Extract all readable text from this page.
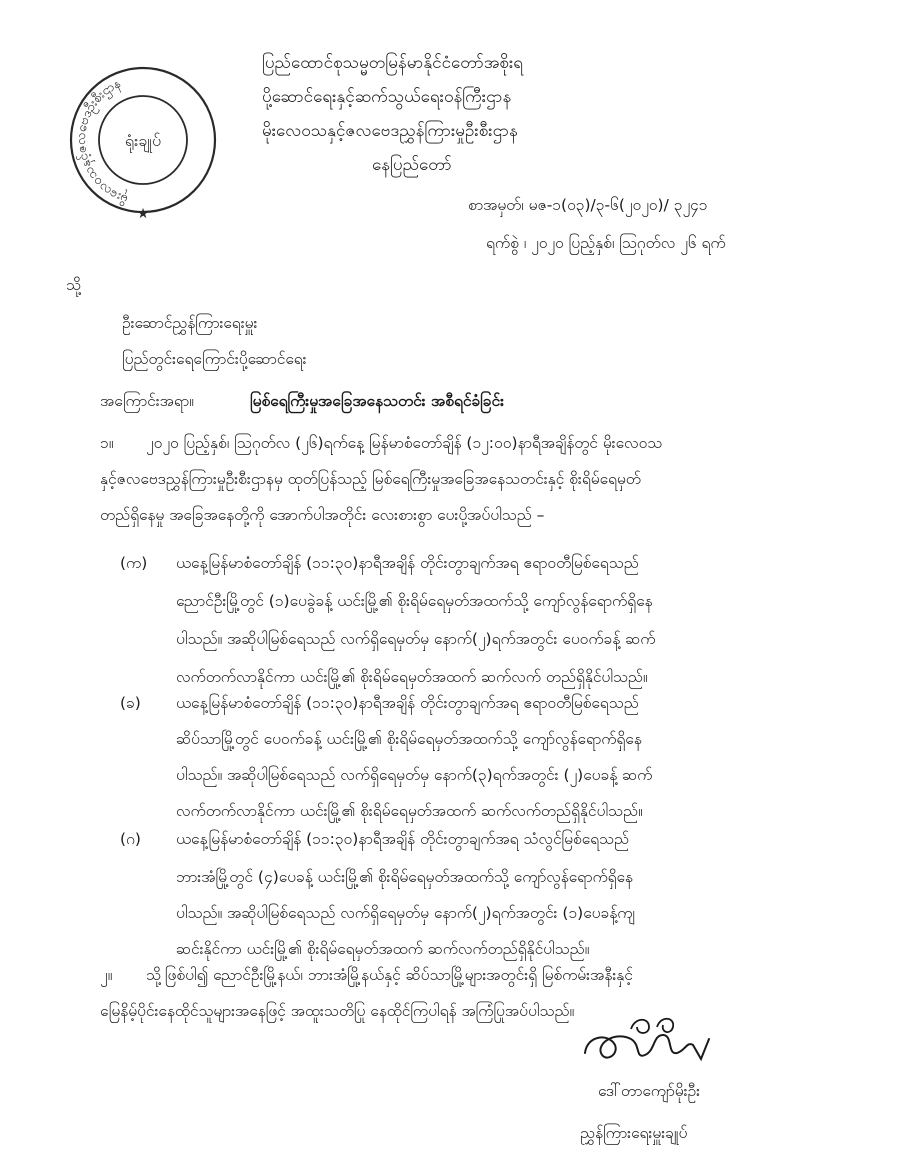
မိုးလေဝသနှင့်ဇလဗေဒဦးစီးဌာန
ရုံးချုပ်
★
ပြည်ထောင်စုသမ္မတမြန်မာနိုင်ငံတော်အစိုးရ
ပို့ဆောင်ရေးနှင့်ဆက်သွယ်ရေးဝန်ကြီးဌာန
မိုးလေဝသနှင့်ဇလဗေဒညွှန်ကြားမှုဦးစီးဌာန
နေပြည်တော်
စာအမှတ်၊ မဇ-၁(၀၃)/၃-၆(၂၀၂၀)/ ၃၂၄၁
ရက်စွဲ ၊ ၂၀၂၀ ပြည့်နှစ်၊ ဩဂုတ်လ ၂၆ ရက်
သို့
ဦးဆောင်ညွှန်ကြားရေးမှူး
ပြည်တွင်းရေကြောင်းပို့ဆောင်ရေး
အကြောင်းအရာ။	မြစ်ရေကြီးမှုအခြေအနေသတင်း အစီရင်ခံခြင်း
၁။ ၂၀၂၀ ပြည့်နှစ်၊ ဩဂုတ်လ (၂၆)ရက်နေ့ မြန်မာစံတော်ချိန် (၁၂:၀၀)နာရီအချိန်တွင် မိုးလေဝသ
နှင့်ဇလဗေဒညွှန်ကြားမှုဦးစီးဌာနမှ ထုတ်ပြန်သည့် မြစ်ရေကြီးမှုအခြေအနေသတင်းနှင့် စိုးရိမ်ရေမှတ်
တည်ရှိနေမှု အခြေအနေတို့ကို အောက်ပါအတိုင်း လေးစားစွာ ပေးပို့အပ်ပါသည် –
(က) ယနေ့မြန်မာစံတော်ချိန် (၁၁:၃၀)နာရီအချိန် တိုင်းတွာချက်အရ ဧရာဝတီမြစ်ရေသည်
ညောင်ဦးမြို့တွင် (၁)ပေခွဲခန့် ယင်းမြို့၏ စိုးရိမ်ရေမှတ်အထက်သို့ ကျော်လွန်ရောက်ရှိနေ
ပါသည်။ အဆိုပါမြစ်ရေသည် လက်ရှိရေမှတ်မှ နောက်(၂)ရက်အတွင်း ပေ၀က်ခန့် ဆက်
လက်တက်လာနိုင်ကာ ယင်းမြို့၏ စိုးရိမ်ရေမှတ်အထက် ဆက်လက် တည်ရှိနိုင်ပါသည်။
(ခ) ယနေ့မြန်မာစံတော်ချိန် (၁၁:၃၀)နာရီအချိန် တိုင်းတွာချက်အရ ဧရာဝတီမြစ်ရေသည်
ဆိပ်သာမြို့တွင် ပေ၀က်ခန့် ယင်းမြို့၏ စိုးရိမ်ရေမှတ်အထက်သို့ ကျော်လွန်ရောက်ရှိနေ
ပါသည်။ အဆိုပါမြစ်ရေသည် လက်ရှိရေမှတ်မှ နောက်(၃)ရက်အတွင်း (၂)ပေခန့် ဆက်
လက်တက်လာနိုင်ကာ ယင်းမြို့၏ စိုးရိမ်ရေမှတ်အထက် ဆက်လက်တည်ရှိနိုင်ပါသည်။
(ဂ) ယနေ့မြန်မာစံတော်ချိန် (၁၁:၃၀)နာရီအချိန် တိုင်းတွာချက်အရ သံလွင်မြစ်ရေသည်
ဘားအံမြို့တွင် (၄)ပေခန့် ယင်းမြို့၏ စိုးရိမ်ရေမှတ်အထက်သို့ ကျော်လွန်ရောက်ရှိနေ
ပါသည်။ အဆိုပါမြစ်ရေသည် လက်ရှိရေမှတ်မှ နောက်(၂)ရက်အတွင်း (၁)ပေခန့်ကျ
ဆင်းနိုင်ကာ ယင်းမြို့၏ စိုးရိမ်ရေမှတ်အထက် ဆက်လက်တည်ရှိနိုင်ပါသည်။
၂။ သို့ဖြစ်ပါ၍ ညောင်ဦးမြို့နယ်၊ ဘားအံမြို့နယ်နှင့် ဆိပ်သာမြို့များအတွင်းရှိ မြစ်ကမ်းအနီးနှင့်
မြေနိမ့်ပိုင်းနေထိုင်သူများအနေဖြင့် အထူးသတိပြု နေထိုင်ကြပါရန် အကြံပြုအပ်ပါသည်။
ဒေါ်တာကျော်မိုးဦး
ညွှန်ကြားရေးမှူးချုပ်
